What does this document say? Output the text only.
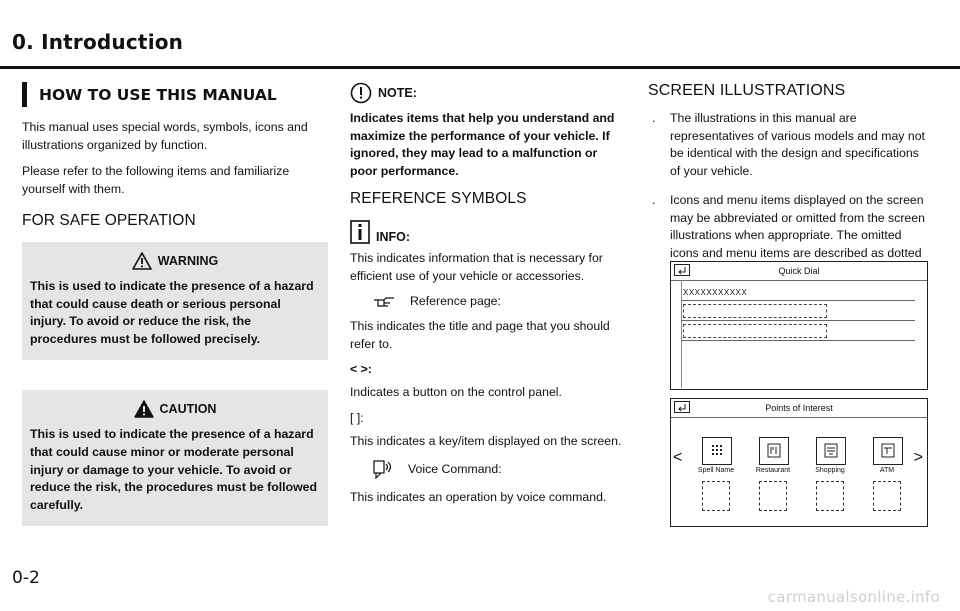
0. Introduction
HOW TO USE THIS MANUAL

This manual uses special words, symbols, icons and illustrations organized by function.

Please refer to the following items and familiarize yourself with them.

FOR SAFE OPERATION
WARNING
This is used to indicate the presence of a hazard that could cause death or serious personal injury. To avoid or reduce the risk, the procedures must be followed precisely.
CAUTION
This is used to indicate the presence of a hazard that could cause minor or moderate personal injury or damage to your vehicle. To avoid or reduce the risk, the procedures must be followed carefully.
NOTE:

Indicates items that help you understand and maximize the performance of your vehicle. If ignored, they may lead to a malfunction or poor performance.

REFERENCE SYMBOLS
INFO:

This indicates information that is necessary for efficient use of your vehicle or accessories.

Reference page:

This indicates the title and page that you should refer to.

< >:

Indicates a button on the control panel.

[ ]:

This indicates a key/item displayed on the screen.

Voice Command:

This indicates an operation by voice command.

SCREEN ILLUSTRATIONS
. The illustrations in this manual are representatives of various models and may not be identical with the design and specifications of your vehicle.
. Icons and menu items displayed on the screen may be abbreviated or omitted from the screen illustrations when appropriate. The omitted icons and menu items are described as dotted
Quick Dial
XXXXXXXXXXX
Points of Interest
<	>
Spell Name	Restaurant	Shopping	ATM
0-2
carmanualsonline.info
